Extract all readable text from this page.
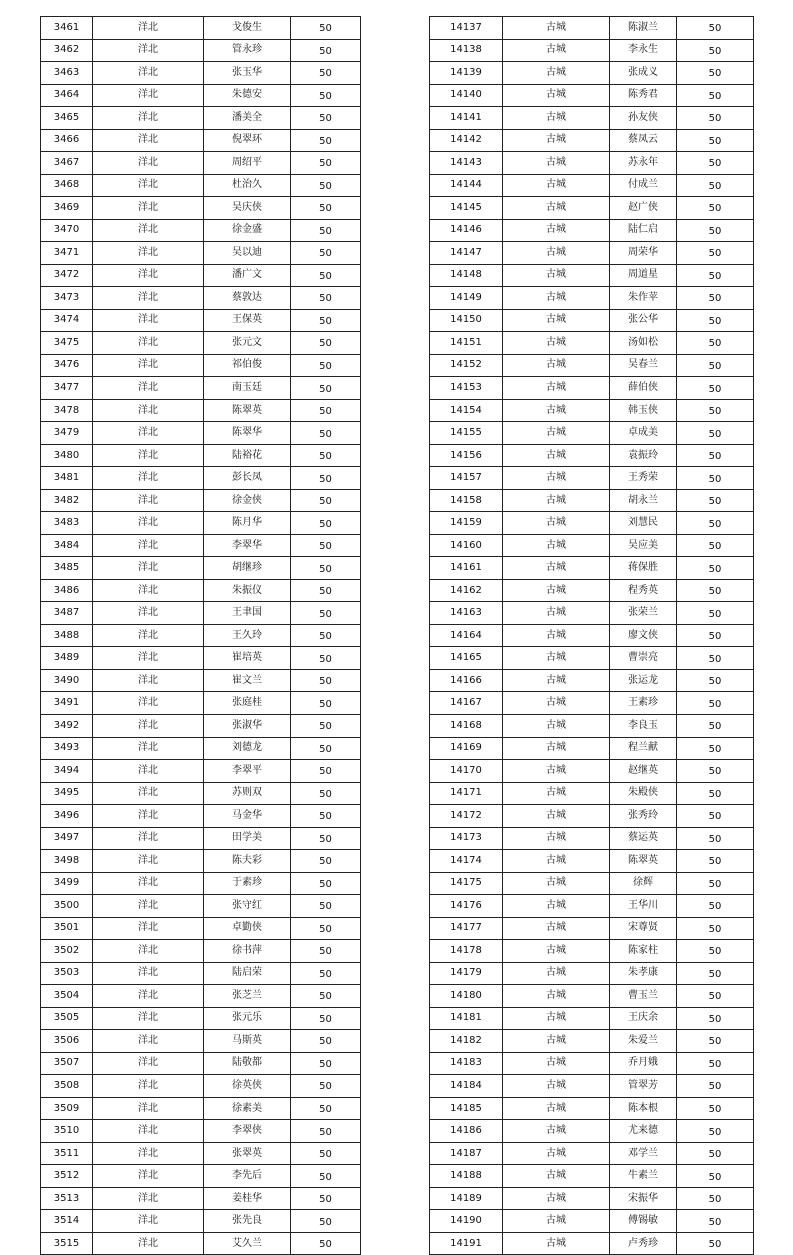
3461	洋北	戈俊生	50
3462	洋北	管永珍	50
3463	洋北	张玉华	50
3464	洋北	朱德安	50
3465	洋北	潘美全	50
3466	洋北	倪翠环	50
3467	洋北	周绍平	50
3468	洋北	杜治久	50
3469	洋北	吴庆侠	50
3470	洋北	徐金盛	50
3471	洋北	吴以迪	50
3472	洋北	潘广文	50
3473	洋北	蔡敦达	50
3474	洋北	王保英	50
3475	洋北	张元文	50
3476	洋北	祁伯俊	50
3477	洋北	南玉廷	50
3478	洋北	陈翠英	50
3479	洋北	陈翠华	50
3480	洋北	陆裕花	50
3481	洋北	彭长凤	50
3482	洋北	徐金侠	50
3483	洋北	陈月华	50
3484	洋北	李翠华	50
3485	洋北	胡继珍	50
3486	洋北	朱振仪	50
3487	洋北	王聿国	50
3488	洋北	王久玲	50
3489	洋北	崔培英	50
3490	洋北	崔文兰	50
3491	洋北	张庭桂	50
3492	洋北	张淑华	50
3493	洋北	刘德龙	50
3494	洋北	李翠平	50
3495	洋北	苏则双	50
3496	洋北	马金华	50
3497	洋北	田学美	50
3498	洋北	陈夫彩	50
3499	洋北	于素珍	50
3500	洋北	张守红	50
3501	洋北	卓勤侠	50
3502	洋北	徐书萍	50
3503	洋北	陆启荣	50
3504	洋北	张芝兰	50
3505	洋北	张元乐	50
3506	洋北	马斯英	50
3507	洋北	陆敬都	50
3508	洋北	徐英侠	50
3509	洋北	徐素美	50
3510	洋北	李翠侠	50
3511	洋北	张翠英	50
3512	洋北	李先后	50
3513	洋北	姜桂华	50
3514	洋北	张先良	50
3515	洋北	艾久兰	50
14137	古城	陈淑兰	50
14138	古城	李永生	50
14139	古城	张成义	50
14140	古城	陈秀君	50
14141	古城	孙友侠	50
14142	古城	蔡凤云	50
14143	古城	苏永年	50
14144	古城	付成兰	50
14145	古城	赵广侠	50
14146	古城	陆仁启	50
14147	古城	周荣华	50
14148	古城	周道星	50
14149	古城	朱作苹	50
14150	古城	张公华	50
14151	古城	汤如松	50
14152	古城	吴春兰	50
14153	古城	薛伯侠	50
14154	古城	韩玉侠	50
14155	古城	卓成美	50
14156	古城	袁振玲	50
14157	古城	王秀荣	50
14158	古城	胡永兰	50
14159	古城	刘慧民	50
14160	古城	吴应美	50
14161	古城	蒋保胜	50
14162	古城	程秀英	50
14163	古城	张荣兰	50
14164	古城	廖文侠	50
14165	古城	曹崇亮	50
14166	古城	张运龙	50
14167	古城	王素珍	50
14168	古城	李良玉	50
14169	古城	程兰献	50
14170	古城	赵继英	50
14171	古城	朱殿侠	50
14172	古城	张秀玲	50
14173	古城	蔡运英	50
14174	古城	陈翠英	50
14175	古城	徐辉	50
14176	古城	王华川	50
14177	古城	宋尊贤	50
14178	古城	陈家柱	50
14179	古城	朱孝康	50
14180	古城	曹玉兰	50
14181	古城	王庆余	50
14182	古城	朱爱兰	50
14183	古城	乔月娥	50
14184	古城	管翠芳	50
14185	古城	陈本根	50
14186	古城	尤来德	50
14187	古城	邓学兰	50
14188	古城	牛素兰	50
14189	古城	宋振华	50
14190	古城	傅锡敏	50
14191	古城	卢秀珍	50
